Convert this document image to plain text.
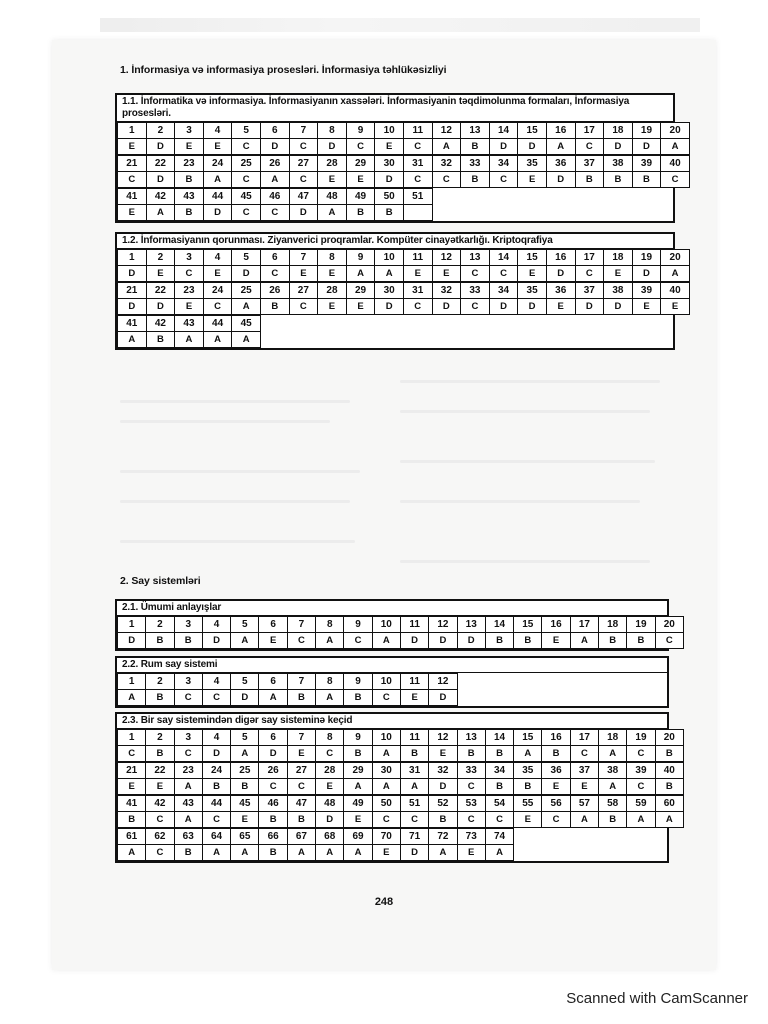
1. İnformasiya və informasiya prosesləri. İnformasiya təhlükəsizliyi
1.1. İnformatika və informasiya. İnformasiyanın xassələri. İnformasiyanin təqdimolunma formaları, İnformasiya prosesləri.
1	2	3	4	5	6	7	8	9	10	11	12	13	14	15	16	17	18	19	20
E	D	E	E	C	D	C	D	C	E	C	A	B	D	D	A	C	D	D	A
21	22	23	24	25	26	27	28	29	30	31	32	33	34	35	36	37	38	39	40
C	D	B	A	C	A	C	E	E	D	C	C	B	C	E	D	B	B	B	C
41	42	43	44	45	46	47	48	49	50	51
E	A	B	D	C	C	D	A	B	B	
1.2. İnformasiyanın qorunması. Ziyanverici proqramlar. Kompüter cinayətkarlığı. Kriptoqrafiya
1	2	3	4	5	6	7	8	9	10	11	12	13	14	15	16	17	18	19	20
D	E	C	E	D	C	E	E	A	A	E	E	C	C	E	D	C	E	D	A
21	22	23	24	25	26	27	28	29	30	31	32	33	34	35	36	37	38	39	40
D	D	E	C	A	B	C	E	E	D	C	D	C	D	D	E	D	D	E	E
41	42	43	44	45
A	B	A	A	A
2. Say sistemləri
2.1. Ümumi anlayışlar
1	2	3	4	5	6	7	8	9	10	11	12	13	14	15	16	17	18	19	20
D	B	B	D	A	E	C	A	C	A	D	D	D	B	B	E	A	B	B	C
2.2. Rum say sistemi
1	2	3	4	5	6	7	8	9	10	11	12
A	B	C	C	D	A	B	A	B	C	E	D
2.3. Bir say sistemindən digər say sisteminə keçid
1	2	3	4	5	6	7	8	9	10	11	12	13	14	15	16	17	18	19	20
C	B	C	D	A	D	E	C	B	A	B	E	B	B	A	B	C	A	C	B
21	22	23	24	25	26	27	28	29	30	31	32	33	34	35	36	37	38	39	40
E	E	A	B	B	C	C	E	A	A	A	D	C	B	B	E	E	A	C	B
41	42	43	44	45	46	47	48	49	50	51	52	53	54	55	56	57	58	59	60
B	C	A	C	E	B	B	D	E	C	C	B	C	C	E	C	A	B	A	A
61	62	63	64	65	66	67	68	69	70	71	72	73	74
A	C	B	A	A	B	A	A	A	E	D	A	E	A
248
Scanned with CamScanner
